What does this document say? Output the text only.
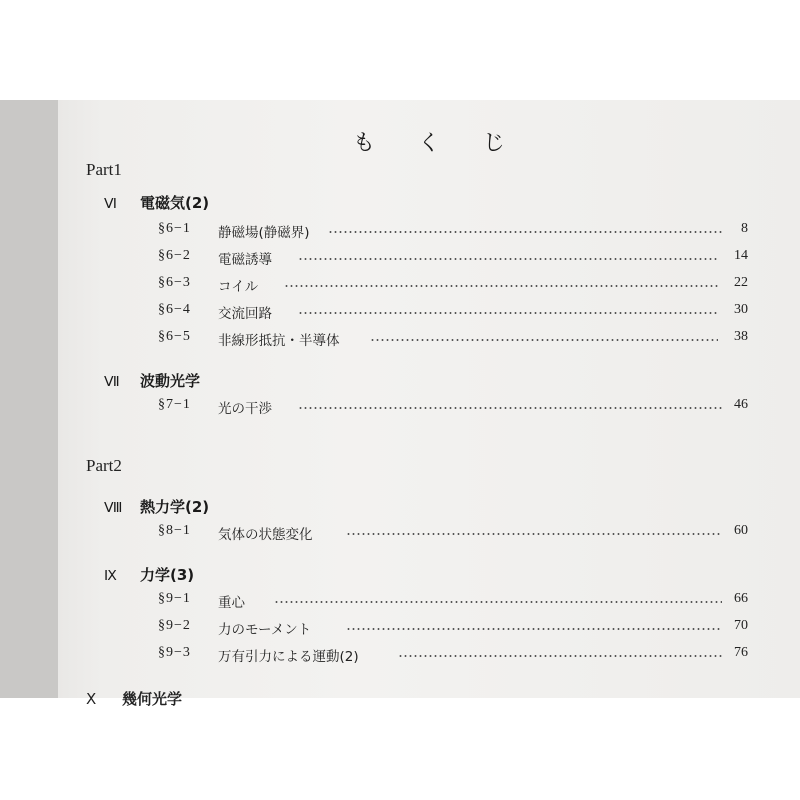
も く じ
Part1
Ⅵ 電磁気(2)
§6−1	静磁場(静磁界)	8
§6−2	電磁誘導	14
§6−3	コイル	22
§6−4	交流回路	30
§6−5	非線形抵抗・半導体	38
Ⅶ 波動光学
§7−1	光の干渉	46
Part2
Ⅷ 熱力学(2)
§8−1	気体の状態変化	60
Ⅸ 力学(3)
§9−1	重心	66
§9−2	力のモーメント	70
§9−3	万有引力による運動(2)	76
Ⅹ 幾何光学
